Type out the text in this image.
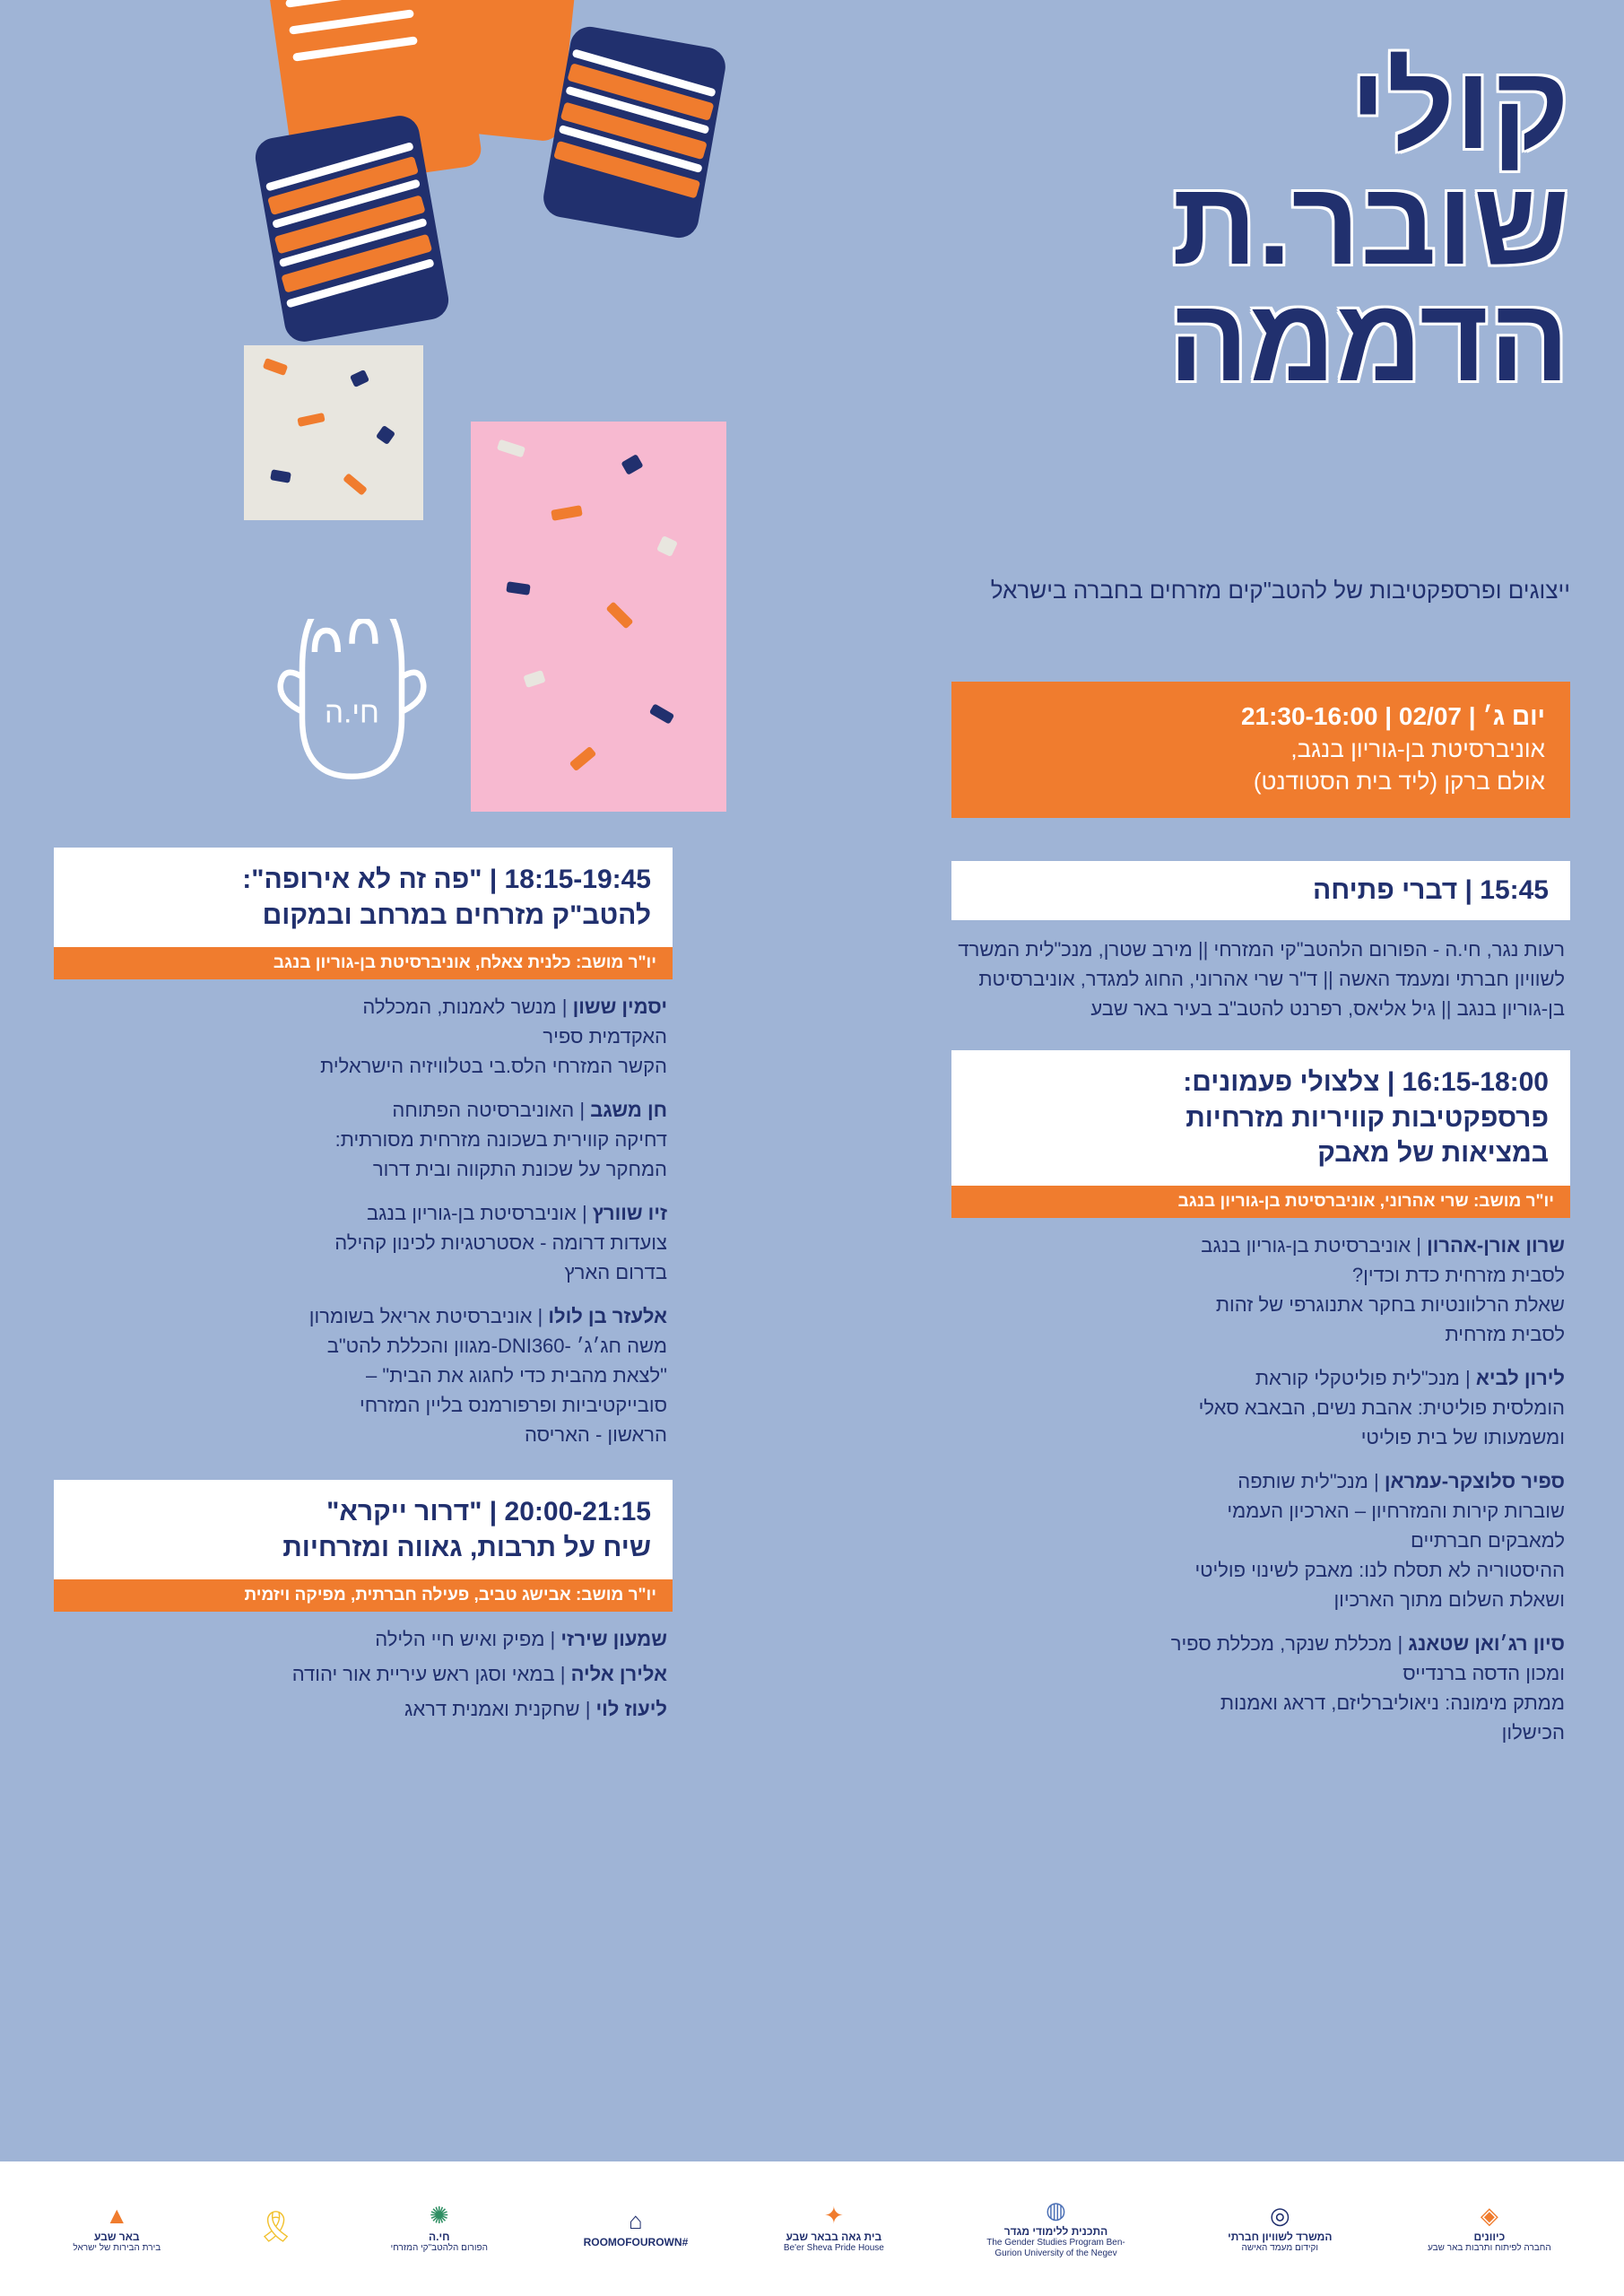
חי.ה
קולי
שובר.ת
הדממה
ייצוגים ופרספקטיבות של להטב"קים מזרחים בחברה בישראל
יום ג׳ | 02/07 | 21:30-16:00
אוניברסיטת בן-גוריון בנגב,
אולם ברקן (ליד בית הסטודנט)
15:45 | דברי פתיחה
רעות נגר, חי.ה - הפורום הלהטב"קי המזרחי || מירב שטרן, מנכ"לית המשרד לשוויון חברתי ומעמד האשה || ד"ר שרי אהרוני, החוג למגדר, אוניברסיטת בן-גוריון בנגב || גיל אליאס, רפרנט להטב"ב בעיר באר שבע
16:15-18:00 | צלצולי פעמונים:
פרספקטיבות קוויריות מזרחיות
במציאות של מאבק
יו"ר מושב: שרי אהרוני, אוניברסיטת בן-גוריון בנגב
שרון אורן-אהרון | אוניברסיטת בן-גוריון בנגב
לסבית מזרחית כדת וכדין?
שאלת הרלוונטיות בחקר אתנוגרפי של זהות
לסבית מזרחית
לירון לביא | מנכ"לית פוליטקלי קוראת
הומלסית פוליטית: אהבת נשים, הבאבא סאלי
ומשמעותו של בית פוליטי
ספיר סלוצקר-עמראן | מנכ"לית שותפה
שוברות קירות והמזרחיון – הארכיון העממי
למאבקים חברתיים
ההיסטוריה לא תסלח לנו: מאבק לשינוי פוליטי
ושאלת השלום מתוך הארכיון
סיון רג׳ואן שטאנג | מכללת שנקר, מכללת ספיר
ומכון הדסה ברנדייס
ממתק מימונה: ניאוליברליזם, דראג ואמנות
הכישלון
18:15-19:45 | "פה זה לא אירופה":
להטב"ק מזרחים במרחב ובמקום
יו"ר מושב: כלנית צאלח, אוניברסיטת בן-גוריון בנגב
יסמין ששון | מנשר לאמנות, המכללה
האקדמית ספיר
הקשר המזרחי הלס.בי בטלוויזיה הישראלית
חן משגב | האוניברסיטה הפתוחה
דחיקה קווירית בשכונה מזרחית מסורתית:
המחקר על שכונת התקווה ובית דרור
זיו שוורץ | אוניברסיטת בן-גוריון בנגב
צועדות דרומה - אסטרטגיות לכינון קהילה
בדרום הארץ
אלעזר בן לולו | אוניברסיטת אריאל בשומרון
משה חג׳ג׳ -DNI360-מגוון והכללת להט"ב
"לצאת מהבית כדי לחגוג את הבית" –
סובייקטיביות ופרפורמנס בליין המזרחי
הראשון - האריסה
20:00-21:15 | "דרור ייקרא"
שיח על תרבות, גאווה ומזרחיות
יו"ר מושב: אבישג טביב, פעילה חברתית, מפיקה ויזמית
שמעון שירזי | מפיק ואיש חיי הלילה
אלירן אליה | במאי וסגן ראש עיריית אור יהודה
ליעוז לוי | שחקנית ואמנית דראג
◈
כיוונים
החברה לפיתוח ותרבות באר שבע
◎
המשרד לשוויון חברתי
וקידום מעמד האישה
◍
התכנית ללימודי מגדר
The Gender Studies Program Ben-Gurion University of the Negev
✦
בית גאה בבאר שבע
Be'er Sheva Pride House
⌂
#ROOMOFOUROWN
✺
חי.ה
הפורום הלהטב"קי המזרחי
🎗
▲
באר שבע
בירת הבירות של ישראל
